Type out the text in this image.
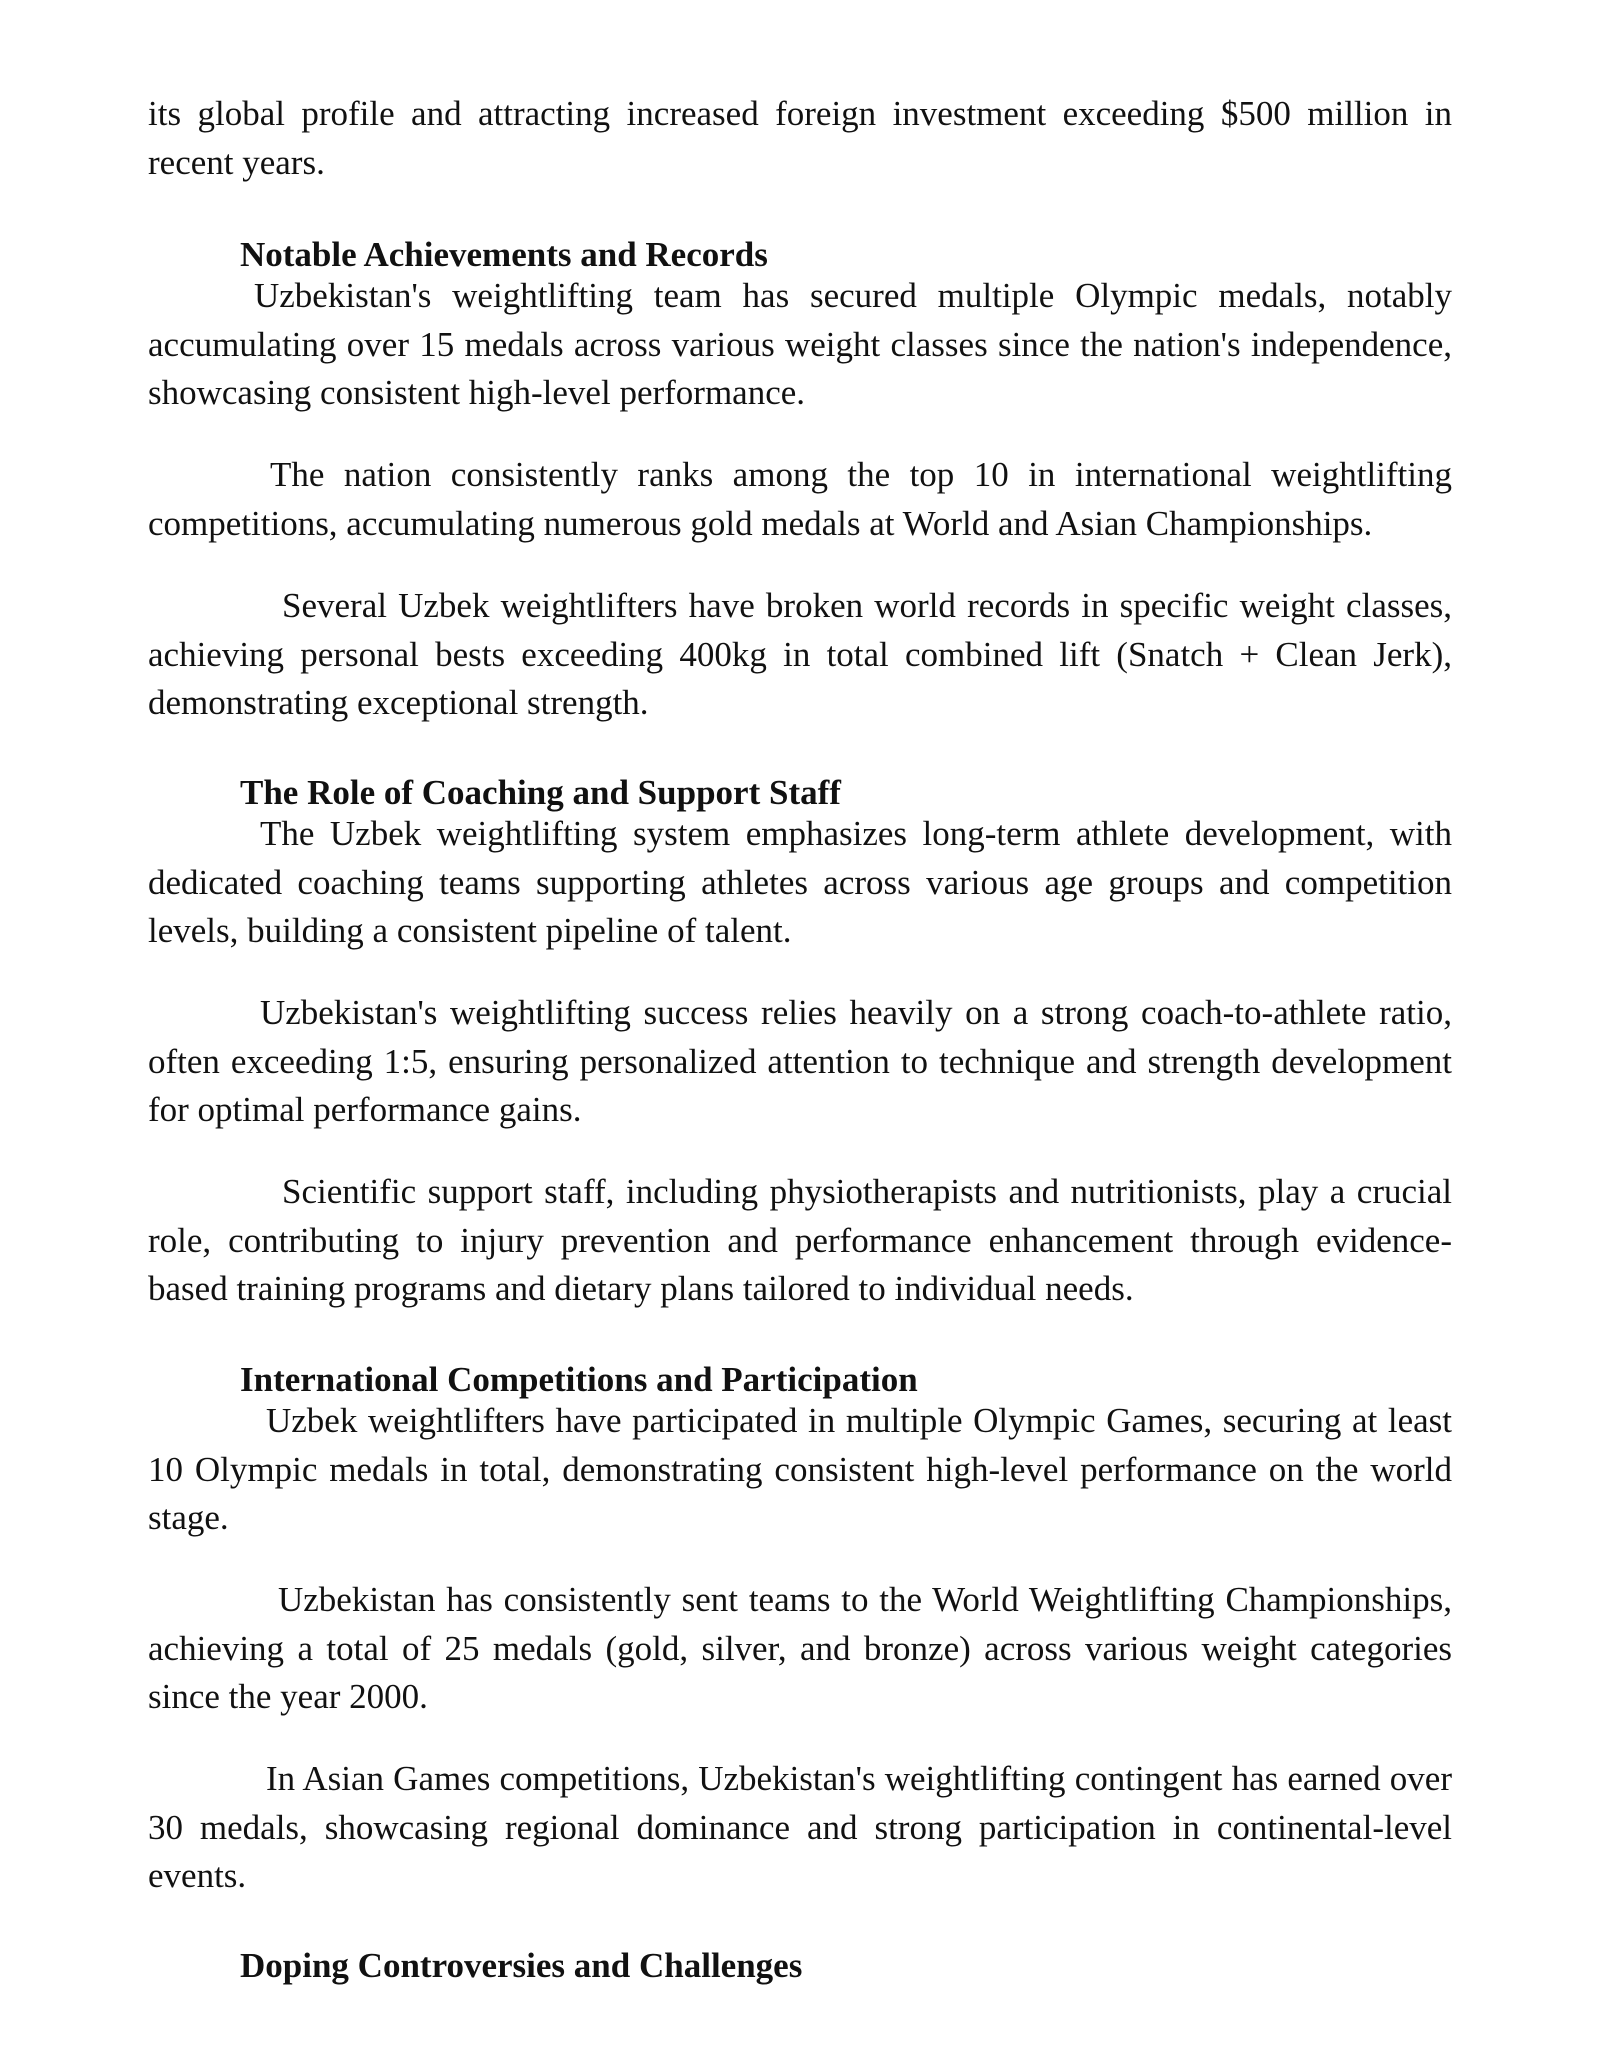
its global profile and attracting increased foreign investment exceeding $500 million in recent years.

Notable Achievements and Records

Uzbekistan's weightlifting team has secured multiple Olympic medals, notably accumulating over 15 medals across various weight classes since the nation's independence, showcasing consistent high-level performance.

The nation consistently ranks among the top 10 in international weightlifting competitions, accumulating numerous gold medals at World and Asian Championships.

Several Uzbek weightlifters have broken world records in specific weight classes, achieving personal bests exceeding 400kg in total combined lift (Snatch + Clean Jerk), demonstrating exceptional strength.

The Role of Coaching and Support Staff

The Uzbek weightlifting system emphasizes long-term athlete development, with dedicated coaching teams supporting athletes across various age groups and competition levels, building a consistent pipeline of talent.

Uzbekistan's weightlifting success relies heavily on a strong coach-to-athlete ratio, often exceeding 1:5, ensuring personalized attention to technique and strength development for optimal performance gains.

Scientific support staff, including physiotherapists and nutritionists, play a crucial role, contributing to injury prevention and performance enhancement through evidence-based training programs and dietary plans tailored to individual needs.

International Competitions and Participation

Uzbek weightlifters have participated in multiple Olympic Games, securing at least 10 Olympic medals in total, demonstrating consistent high-level performance on the world stage.

Uzbekistan has consistently sent teams to the World Weightlifting Championships, achieving a total of 25 medals (gold, silver, and bronze) across various weight categories since the year 2000.

In Asian Games competitions, Uzbekistan's weightlifting contingent has earned over 30 medals, showcasing regional dominance and strong participation in continental-level events.

Doping Controversies and Challenges
